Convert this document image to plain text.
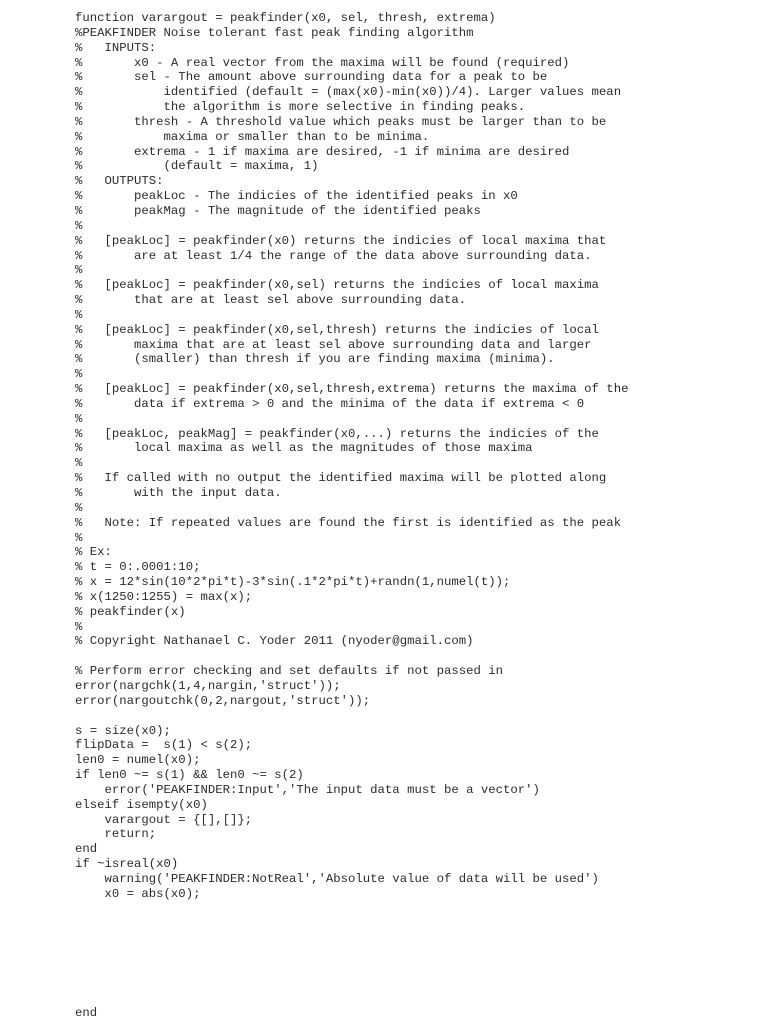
function varargout = peakfinder(x0, sel, thresh, extrema)
%PEAKFINDER Noise tolerant fast peak finding algorithm
%   INPUTS:
%       x0 - A real vector from the maxima will be found (required)
%       sel - The amount above surrounding data for a peak to be
%           identified (default = (max(x0)-min(x0))/4). Larger values mean
%           the algorithm is more selective in finding peaks.
%       thresh - A threshold value which peaks must be larger than to be
%           maxima or smaller than to be minima.
%       extrema - 1 if maxima are desired, -1 if minima are desired
%           (default = maxima, 1)
%   OUTPUTS:
%       peakLoc - The indicies of the identified peaks in x0
%       peakMag - The magnitude of the identified peaks
%
%   [peakLoc] = peakfinder(x0) returns the indicies of local maxima that
%       are at least 1/4 the range of the data above surrounding data.
%
%   [peakLoc] = peakfinder(x0,sel) returns the indicies of local maxima
%       that are at least sel above surrounding data.
%
%   [peakLoc] = peakfinder(x0,sel,thresh) returns the indicies of local
%       maxima that are at least sel above surrounding data and larger
%       (smaller) than thresh if you are finding maxima (minima).
%
%   [peakLoc] = peakfinder(x0,sel,thresh,extrema) returns the maxima of the
%       data if extrema > 0 and the minima of the data if extrema < 0
%
%   [peakLoc, peakMag] = peakfinder(x0,...) returns the indicies of the
%       local maxima as well as the magnitudes of those maxima
%
%   If called with no output the identified maxima will be plotted along
%       with the input data.
%
%   Note: If repeated values are found the first is identified as the peak
%
% Ex:
% t = 0:.0001:10;
% x = 12*sin(10*2*pi*t)-3*sin(.1*2*pi*t)+randn(1,numel(t));
% x(1250:1255) = max(x);
% peakfinder(x)
%
% Copyright Nathanael C. Yoder 2011 (nyoder@gmail.com)
% Perform error checking and set defaults if not passed in
error(nargchk(1,4,nargin,'struct'));
error(nargoutchk(0,2,nargout,'struct'));
s = size(x0);
flipData =  s(1) < s(2);
len0 = numel(x0);
if len0 ~= s(1) && len0 ~= s(2)
error('PEAKFINDER:Input','The input data must be a vector')
elseif isempty(x0)
varargout = {[],[]};
return;
end
if ~isreal(x0)
warning('PEAKFINDER:NotReal','Absolute value of data will be used')
x0 = abs(x0);
end
